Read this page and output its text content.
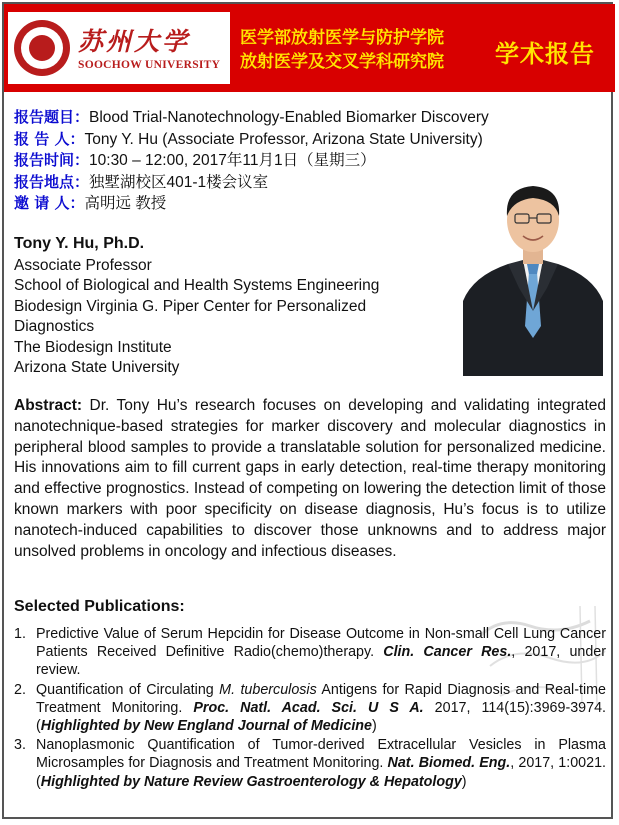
苏州大学
SOOCHOW UNIVERSITY
医学部放射医学与防护学院
放射医学及交叉学科研究院 学术报告
报告题目：Blood Trial-Nanotechnology-Enabled Biomarker Discovery
报 告 人：Tony Y. Hu (Associate Professor, Arizona State University)
报告时间：10:30 – 12:00, 2017年11月1日（星期三）
报告地点：独墅湖校区401-1楼会议室
邀 请 人：高明远 教授
Tony Y. Hu, Ph.D.
Associate Professor
School of Biological and Health Systems Engineering
Biodesign Virginia G. Piper Center for Personalized
Diagnostics
The Biodesign Institute
Arizona State University
Abstract: Dr. Tony Hu’s research focuses on developing and validating integrated nanotechnique-based strategies for marker discovery and molecular diagnostics in peripheral blood samples to provide a translatable solution for personalized medicine. His innovations aim to fill current gaps in early detection, real-time therapy monitoring and effective prognostics. Instead of competing on lowering the detection limit of those known markers with poor specificity on disease diagnosis, Hu’s focus is to utilize nanotech-induced capabilities to discover those unknowns and to address major unsolved problems in oncology and infectious diseases.
Selected Publications:
1. Predictive Value of Serum Hepcidin for Disease Outcome in Non-small Cell Lung Cancer Patients Received Definitive Radio(chemo)therapy. Clin. Cancer Res., 2017, under review.
2. Quantification of Circulating M. tuberculosis Antigens for Rapid Diagnosis and Real-time Treatment Monitoring. Proc. Natl. Acad. Sci. U S A. 2017, 114(15):3969-3974. (Highlighted by New England Journal of Medicine)
3. Nanoplasmonic Quantification of Tumor-derived Extracellular Vesicles in Plasma Microsamples for Diagnosis and Treatment Monitoring. Nat. Biomed. Eng., 2017, 1:0021. (Highlighted by Nature Review Gastroenterology & Hepatology)
